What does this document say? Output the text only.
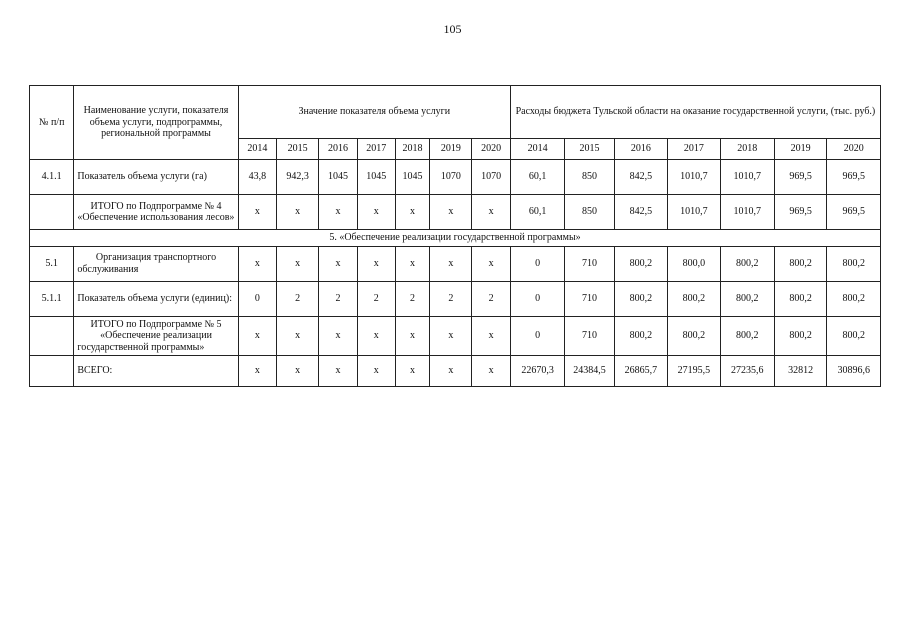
105
№ п/п	Наименование услуги, показателя объема услуги, подпрограммы, региональной программы	Значение показателя объема услуги							Расходы бюджета Тульской области на оказание государственной услуги, (тыс. руб.)						
		2014	2015	2016	2017	2018	2019	2020	2014	2015	2016	2017	2018	2019	2020
4.1.1	Показатель объема услуги (га)	43,8	942,3	1045	1045	1045	1070	1070	60,1	850	842,5	1010,7	1010,7	969,5	969,5
	ИТОГО по Подпрограмме № 4 «Обеспечение использования лесов»	x	x	x	x	x	x	x	60,1	850	842,5	1010,7	1010,7	969,5	969,5
5. «Обеспечение реализации государственной программы»															
5.1	Организация транспортного обслуживания	x	x	x	x	x	x	x	0	710	800,2	800,0	800,2	800,2	800,2
5.1.1	Показатель объема услуги (единиц):	0	2	2	2	2	2	2	0	710	800,2	800,2	800,2	800,2	800,2
	ИТОГО по Подпрограмме № 5 «Обеспечение реализации государственной программы»	x	x	x	x	x	x	x	0	710	800,2	800,2	800,2	800,2	800,2
	ВСЕГО:	x	x	x	x	x	x	x	22670,3	24384,5	26865,7	27195,5	27235,6	32812	30896,6
